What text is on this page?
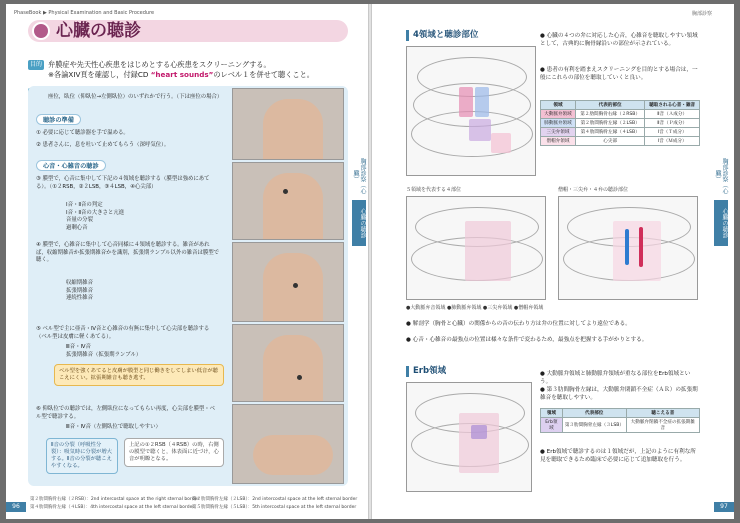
PhaseBook ▶ Physical Examination and Basic Procedure
心臓の聴診
目的 弁膜症や先天性心疾患をはじめとする心疾患をスクリーニングする。
※各論XIV頁を確認し，付録CD “heart sounds”のレベル１を併せて聴くこと。
座位，臥位（仰臥位→左側臥位）のいずれかで行う。（下は座位の場合）
聴診の準備
① 必要に応じて聴診器を手で温める。
② 患者さんに，息を吐いて止めてもらう（深呼気位）。
心音・心雑音の聴診
③ 膜型で，心音に集中して下記の４領域を聴診する（膜型は強めにあてる）。（①２RSB，②２LSB，③４LSB，④心尖部）
Ⅰ音・Ⅱ音の判定
Ⅰ音・Ⅱ音の大きさと亢進
音量の分裂
過剰心音
④ 膜型で，心雑音に集中して心音同様に４領域を聴診する。雑音があれば，収縮期雑音か拡張期雑音かを識別，拡張期ランブル以外の雑音は膜型で聴く。
収縮期雑音
拡張期雑音
連続性雑音
⑤ ベル型で主に亜音・Ⅳ音と心雑音の有無に集中して心尖部を聴診する（ベル型は皮膚に軽くあてる）。
Ⅲ音・Ⅳ音
拡張期雑音（拡張期ランブル）
ベル型を強くあてると皮膚が膜型と同じ働きをしてしまい低音が聴こえにくい。拡張期雑音も聴き逃す。
⑥ 仰臥位での聴診では，左側臥位になってもらい再度，心尖部を膜型・ベル型で聴診する。
Ⅲ音・Ⅳ音（左側臥位で聴取しやすい）
Ⅱ音の分裂（呼吸性分裂）：吸気時に分裂が増大する。Ⅱ音の分裂が聴こえやすくなる。
上記の①２RSB（４RSB）の時，右側の膜型で聴くと，体表面に近づけ，心音が明瞭となる。
胸部診察（心臓）
心臓の聴診
第２肋間胸骨右縁（２RSB）：2nd intercostal space at the right sternal border
第４肋間胸骨左縁（４LSB）：4th intercostal space at the left sternal border
第２肋間胸骨左縁（２LSB）：2nd intercostal space at the left sternal border
第５肋間胸骨左縁（５LSB）：5th intercostal space at the left sternal border
96
胸部診察
4領域と聴診部位	● 心臓の４つの弁に対応した心音，心雑音を聴取しやすい領域として，古典的に胸骨縁沿いの部位が示されている。
● 患者の有利を踏まえスクリーニングを目的とする場合は，一般にこれらの部位を聴取していくと良い。
領域	代表的部位	聴取される心音・雑音
大動脈弁領域	第２肋間胸骨右縁（２RSB）	Ⅱ音（Ａ成分）
肺動脈弁領域	第２肋間胸骨左縁（２LSB）	Ⅱ音（Ｐ成分）
三尖弁領域	第４肋間胸骨左縁（４LSB）	Ⅰ音（Ｔ成分）
僧帽弁領域	心尖部	Ⅰ音（Ｍ成分）
５領域を代表する４部位	僧帽・三尖弁・４弁の聴診部位
●大動脈弁音領域 ●肺動脈弁領域 ●三尖弁領域 ●僧帽弁領域
● 解剖学（胸骨と心臓）の関係からの音の伝わり方は弁の位置に対してより遠位である。
● 心音・心雑音の最強点の位置は様々な条件で変わるため，最強点を把握する手がかりとする。
Erb領域	● 大動脈弁領域と肺動脈弁領域が重なる部位をErb領域という。
● 第３肋間胸骨左縁は，大動脈弁閉鎖不全症（ＡＲ）の拡張期雑音を聴取しやすい。
領域	代表部位	聴こえる音
Erb領域	第３肋間胸骨左縁（３LSB）	大動脈弁閉鎖不全症の拡張期雑音
● Erb領域で聴診するのは１領域だが，上記のように有利な所見を聴取できるため臨床で必要に応じて追加聴取を行う。
胸部診察（心臓）
心臓の聴診
97
